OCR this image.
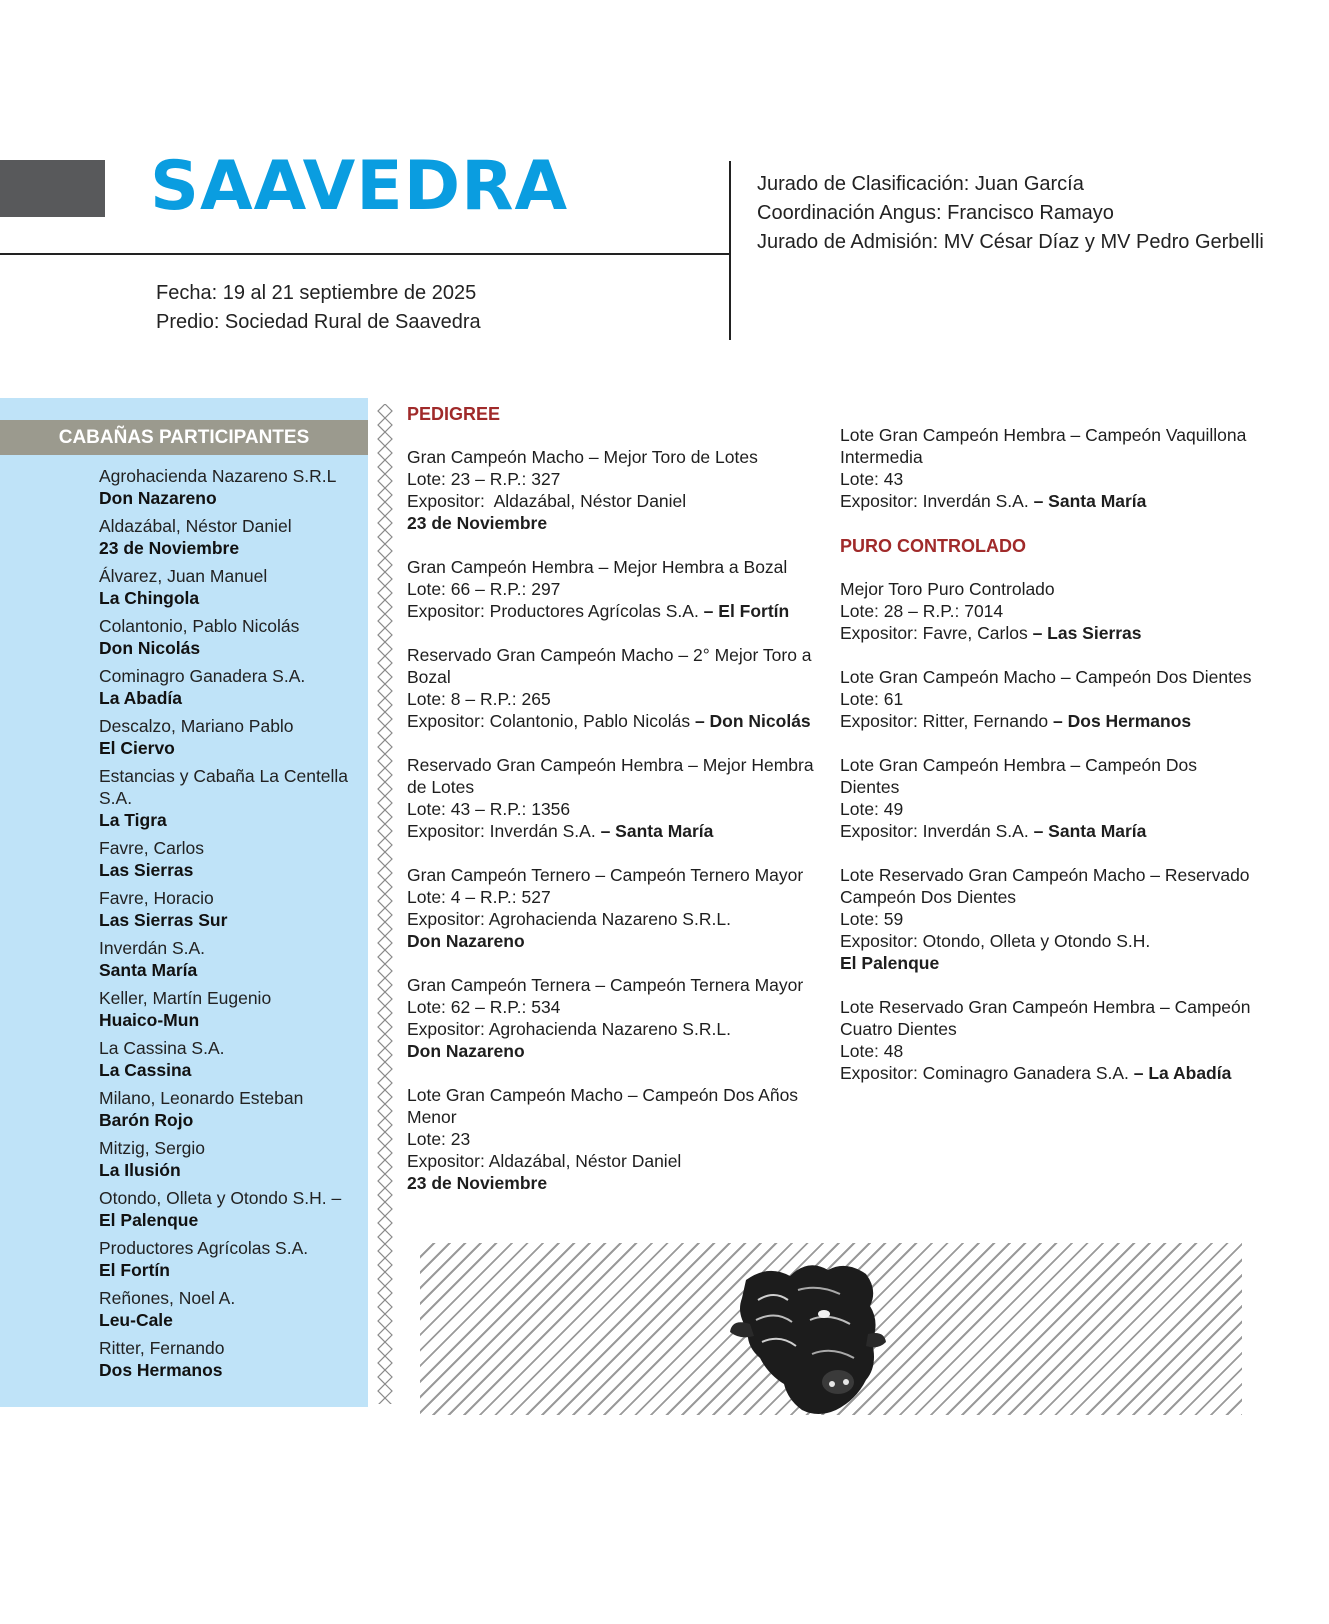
SAAVEDRA	Jurado de Clasificación: Juan García
Coordinación Angus: Francisco Ramayo
Jurado de Admisión: MV César Díaz y MV Pedro Gerbelli
Fecha: 19 al 21 septiembre de 2025
Predio: Sociedad Rural de Saavedra
CABAÑAS PARTICIPANTES
Agrohacienda Nazareno S.R.L
Don Nazareno
Aldazábal, Néstor Daniel
23 de Noviembre
Álvarez, Juan Manuel
La Chingola
Colantonio, Pablo Nicolás
Don Nicolás
Cominagro Ganadera S.A.
La Abadía
Descalzo, Mariano Pablo
El Ciervo
Estancias y Cabaña La Centella S.A.
La Tigra
Favre, Carlos
Las Sierras
Favre, Horacio
Las Sierras Sur
Inverdán S.A.
Santa María
Keller, Martín Eugenio
Huaico-Mun
La Cassina S.A.
La Cassina
Milano, Leonardo Esteban
Barón Rojo
Mitzig, Sergio
La Ilusión
Otondo, Olleta y Otondo S.H. –
El Palenque
Productores Agrícolas S.A.
El Fortín
Reñones, Noel A.
Leu-Cale
Ritter, Fernando
Dos Hermanos
PEDIGREE
Gran Campeón Macho – Mejor Toro de Lotes
Lote: 23 – R.P.: 327
Expositor:  Aldazábal, Néstor Daniel
23 de Noviembre
Gran Campeón Hembra – Mejor Hembra a Bozal
Lote: 66 – R.P.: 297
Expositor: Productores Agrícolas S.A. – El Fortín
Reservado Gran Campeón Macho – 2° Mejor Toro a Bozal
Lote: 8 – R.P.: 265
Expositor: Colantonio, Pablo Nicolás – Don Nicolás
Reservado Gran Campeón Hembra – Mejor Hembra de Lotes
Lote: 43 – R.P.: 1356
Expositor: Inverdán S.A. – Santa María
Gran Campeón Ternero – Campeón Ternero Mayor
Lote: 4 – R.P.: 527
Expositor: Agrohacienda Nazareno S.R.L.
Don Nazareno
Gran Campeón Ternera – Campeón Ternera Mayor
Lote: 62 – R.P.: 534
Expositor: Agrohacienda Nazareno S.R.L.
Don Nazareno
Lote Gran Campeón Macho – Campeón Dos Años Menor
Lote: 23
Expositor: Aldazábal, Néstor Daniel
23 de Noviembre
Lote Gran Campeón Hembra – Campeón Vaquillona Intermedia
Lote: 43
Expositor: Inverdán S.A. – Santa María
PURO CONTROLADO
Mejor Toro Puro Controlado
Lote: 28 – R.P.: 7014
Expositor: Favre, Carlos – Las Sierras
Lote Gran Campeón Macho – Campeón Dos Dientes
Lote: 61
Expositor: Ritter, Fernando – Dos Hermanos
Lote Gran Campeón Hembra – Campeón Dos Dientes
Lote: 49
Expositor: Inverdán S.A. – Santa María
Lote Reservado Gran Campeón Macho – Reservado Campeón Dos Dientes
Lote: 59
Expositor: Otondo, Olleta y Otondo S.H.
El Palenque
Lote Reservado Gran Campeón Hembra – Campeón Cuatro Dientes
Lote: 48
Expositor: Cominagro Ganadera S.A. – La Abadía
